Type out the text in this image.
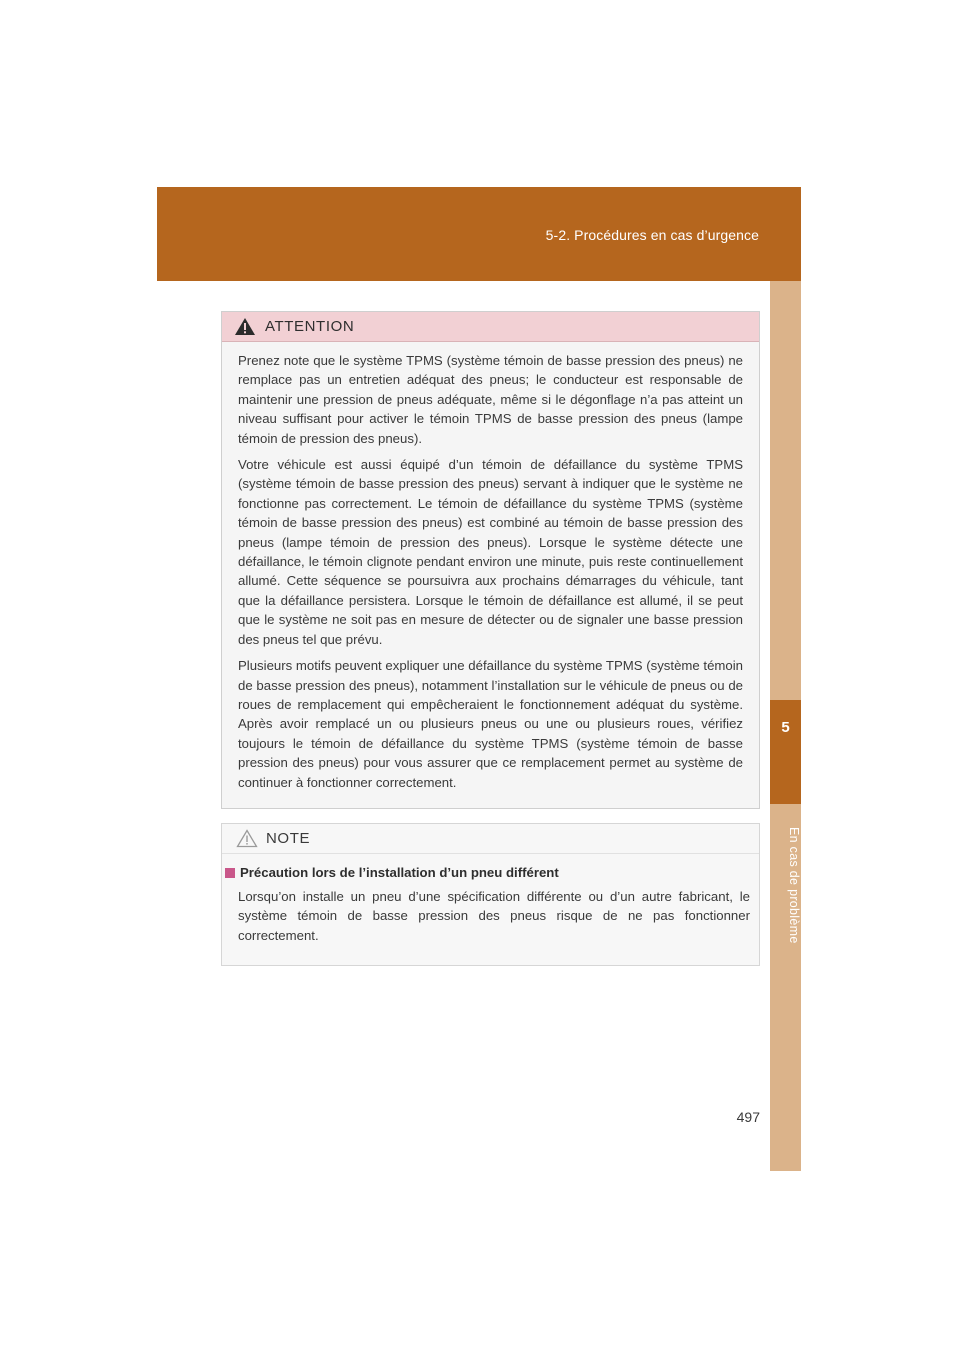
5-2. Procédures en cas d’urgence
5
En cas de problème
ATTENTION

Prenez note que le système TPMS (système témoin de basse pression des pneus) ne remplace pas un entretien adéquat des pneus; le conducteur est responsable de maintenir une pression de pneus adéquate, même si le dégonflage n’a pas atteint un niveau suffisant pour activer le témoin TPMS de basse pression des pneus (lampe témoin de pression des pneus).

Votre véhicule est aussi équipé d’un témoin de défaillance du système TPMS (système témoin de basse pression des pneus) servant à indiquer que le système ne fonctionne pas correctement. Le témoin de défaillance du système TPMS (système témoin de basse pression des pneus) est combiné au témoin de basse pression des pneus (lampe témoin de pression des pneus). Lorsque le système détecte une défaillance, le témoin clignote pendant environ une minute, puis reste continuellement allumé. Cette séquence se poursuivra aux prochains démarrages du véhicule, tant que la défaillance persistera. Lorsque le témoin de défaillance est allumé, il se peut que le système ne soit pas en mesure de détecter ou de signaler une basse pression des pneus tel que prévu.

Plusieurs motifs peuvent expliquer une défaillance du système TPMS (système témoin de basse pression des pneus), notamment l’installation sur le véhicule de pneus ou de roues de remplacement qui empêcheraient le fonctionnement adéquat du système. Après avoir remplacé un ou plusieurs pneus ou une ou plusieurs roues, vérifiez toujours le témoin de défaillance du système TPMS (système témoin de basse pression des pneus) pour vous assurer que ce remplacement permet au système de continuer à fonctionner correctement.

NOTE
Précaution lors de l’installation d’un pneu différent

Lorsqu’on installe un pneu d’une spécification différente ou d’un autre fabricant, le système témoin de basse pression des pneus risque de ne pas fonctionner correctement.

497
